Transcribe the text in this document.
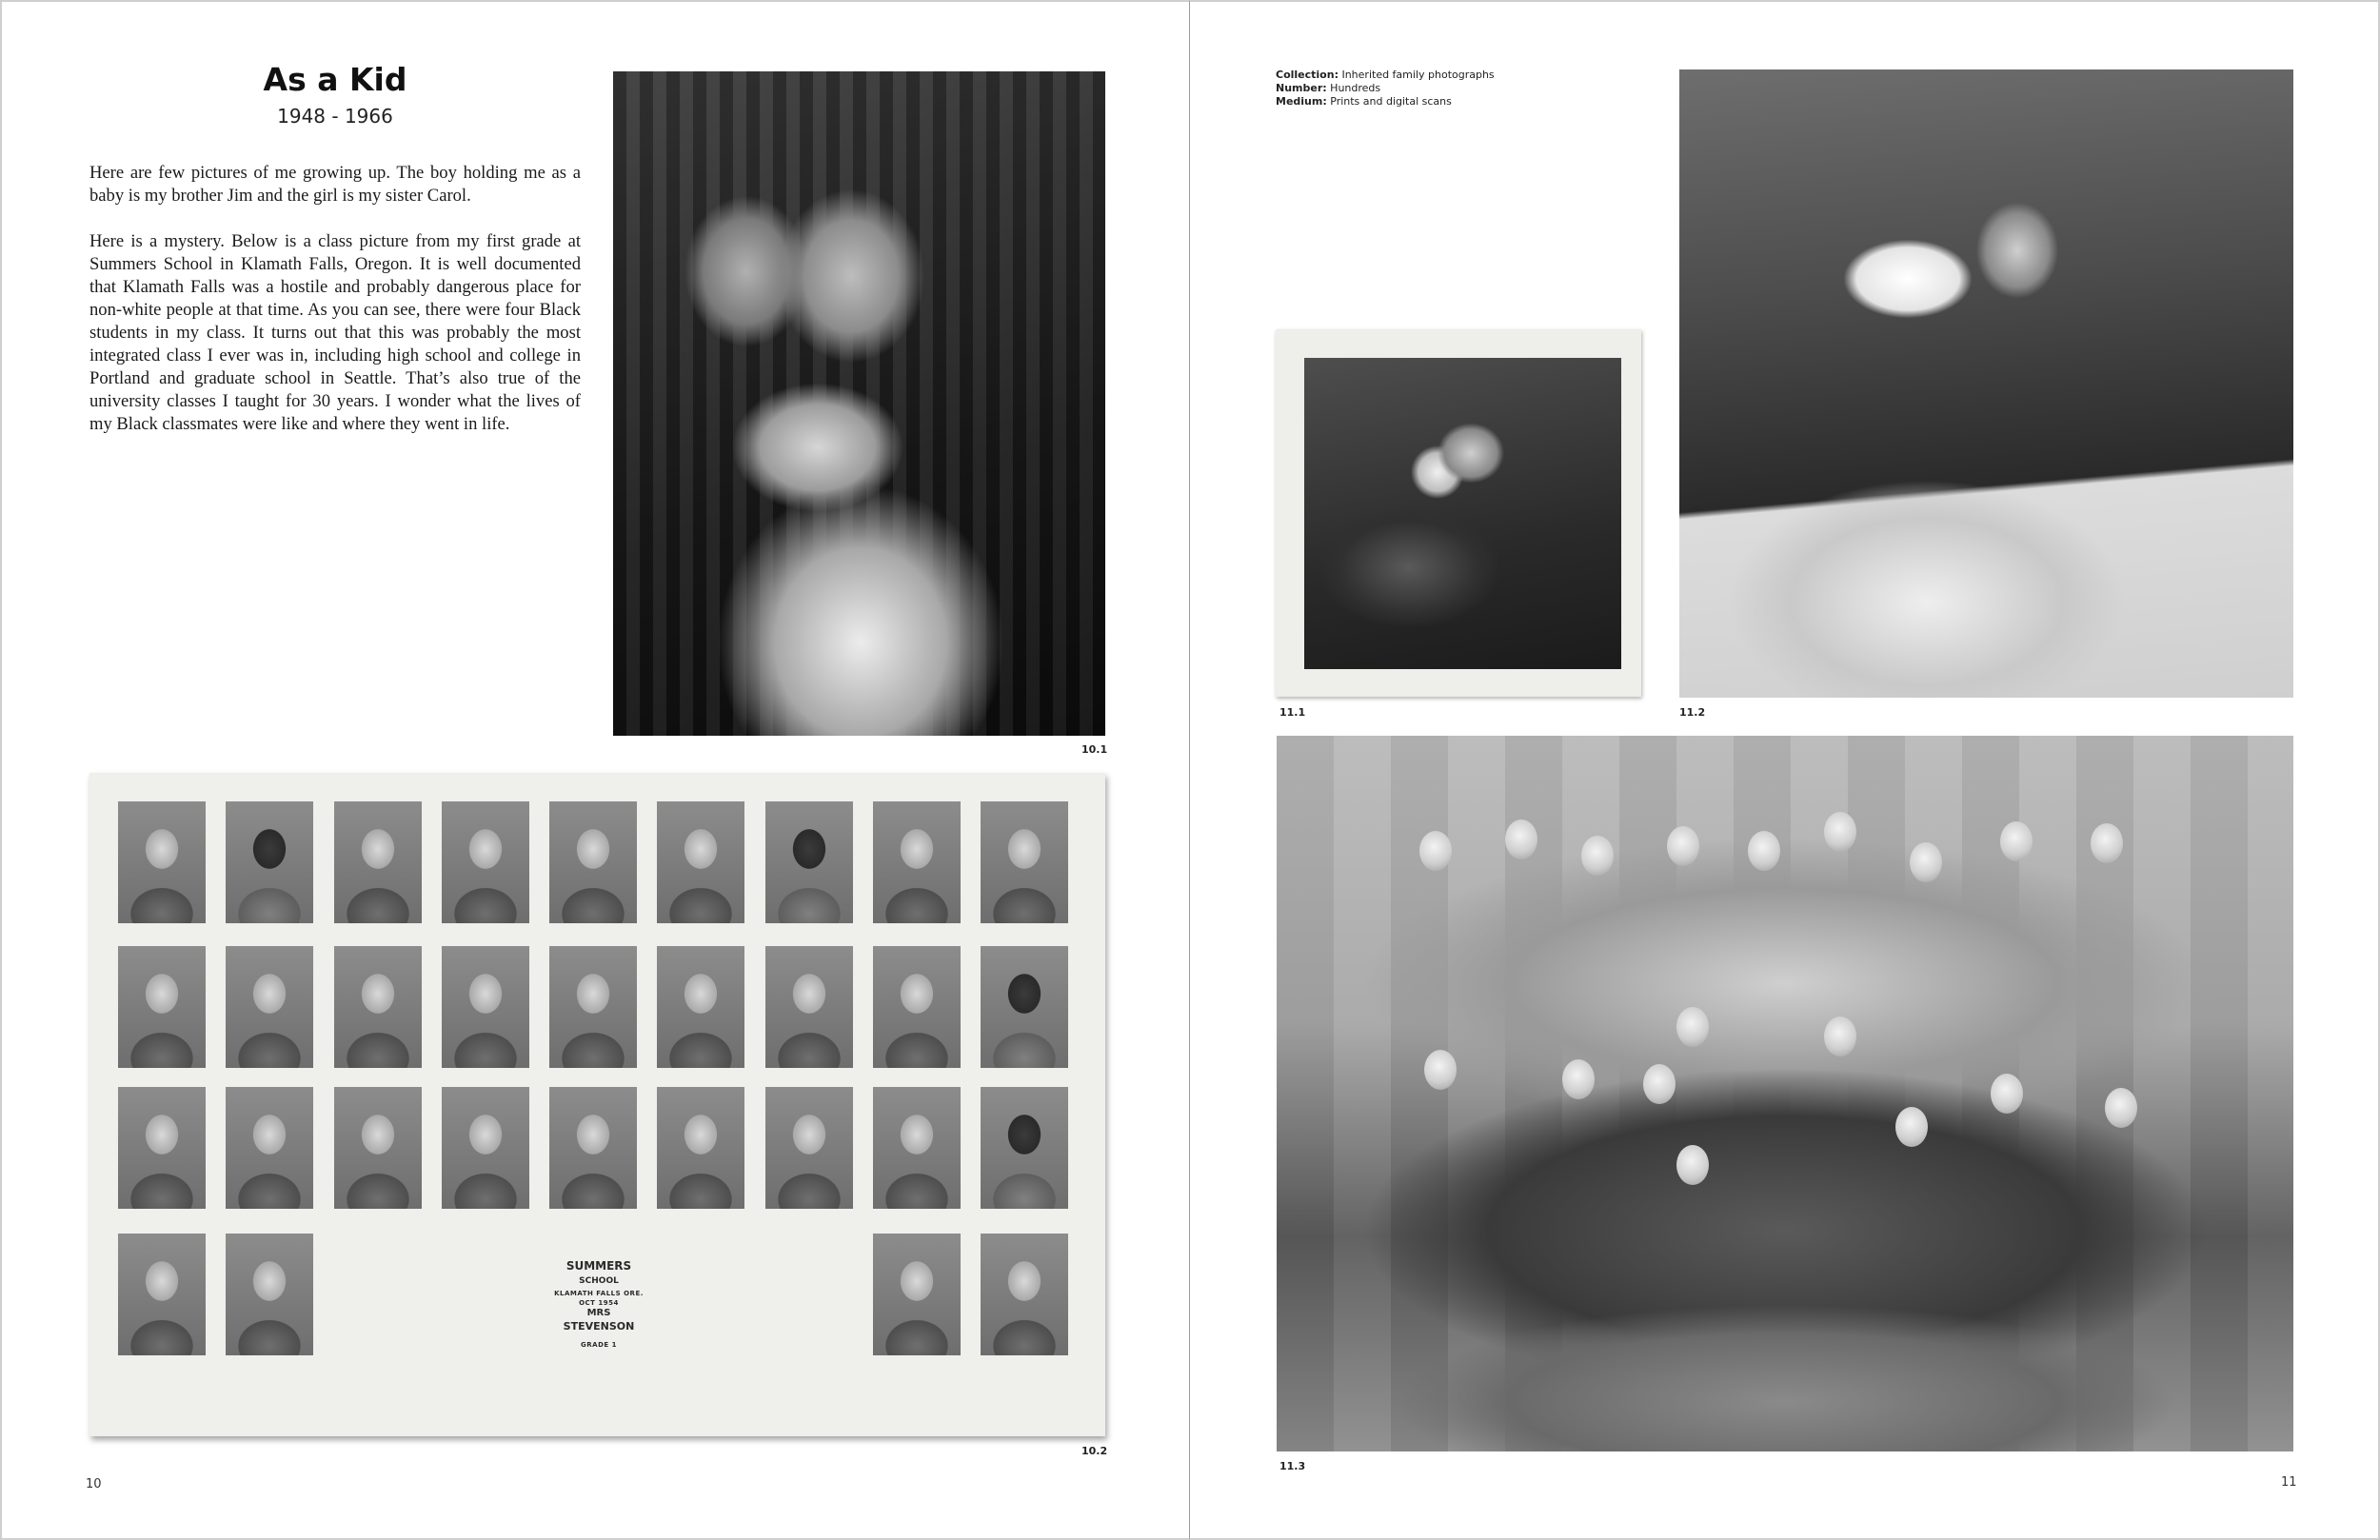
As a Kid
1948 - 1966

Here are few pictures of me growing up. The boy holding me as a baby is my brother Jim and the girl is my sister Carol.

Here is a mystery. Below is a class picture from my first grade at Summers School in Klamath Falls, Oregon. It is well documented that Klamath Falls was a hostile and probably dangerous place for non-white people at that time. As you can see, there were four Black students in my class. It turns out that this was probably the most integrated class I ever was in, including high school and college in Portland and graduate school in Seattle. That’s also true of the university classes I taught for 30 years. I wonder what the lives of my Black classmates were like and where they went in life.

10.1
SUMMERS
SCHOOL
KLAMATH FALLS ORE.
OCT 1954
MRS
STEVENSON
GRADE 1
10.2
10
Collection: Inherited family photographs
Number: Hundreds
Medium: Prints and digital scans
11.1	11.2
11.3
11
